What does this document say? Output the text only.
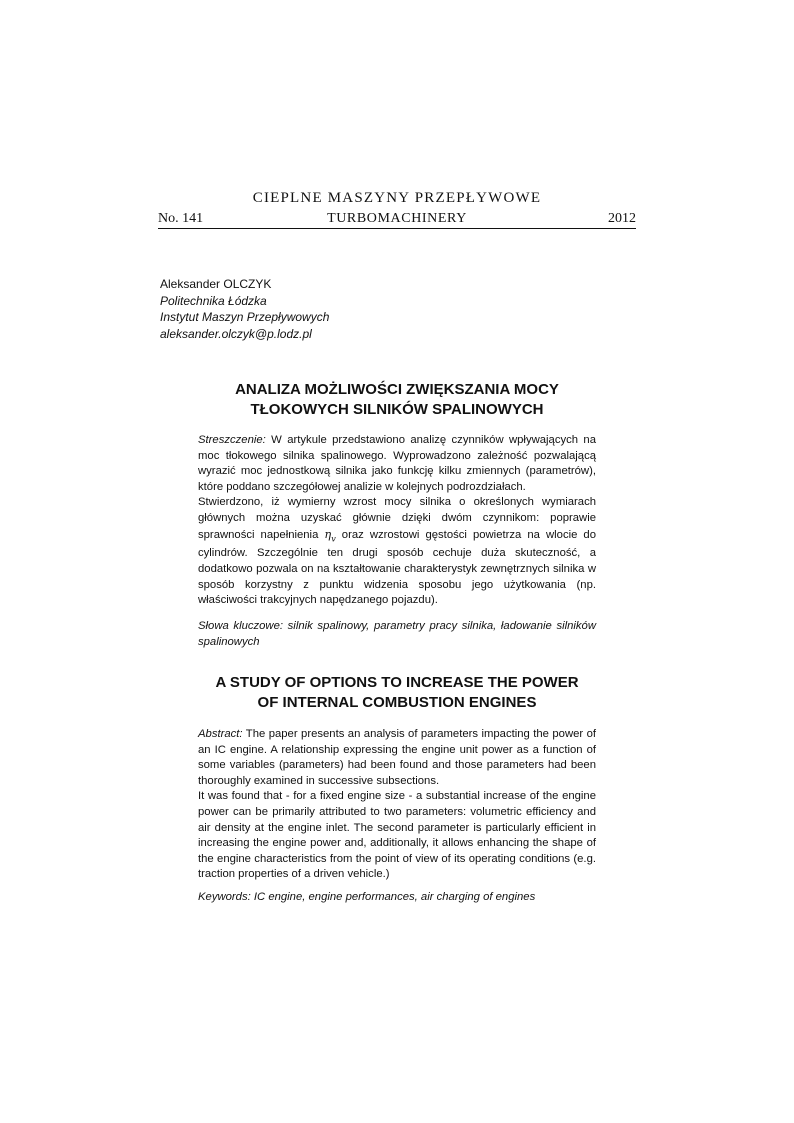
CIEPLNE MASZYNY PRZEPŁYWOWE
No. 141	TURBOMACHINERY	2012
Aleksander OLCZYK
Politechnika Łódzka
Instytut Maszyn Przepływowych
aleksander.olczyk@p.lodz.pl
ANALIZA MOŻLIWOŚCI ZWIĘKSZANIA MOCY
TŁOKOWYCH SILNIKÓW SPALINOWYCH

Streszczenie: W artykule przedstawiono analizę czynników wpływających na moc tłokowego silnika spalinowego. Wyprowadzono zależność pozwalającą wyrazić moc jednostkową silnika jako funkcję kilku zmiennych (parametrów), które poddano szczegółowej analizie w kolejnych podrozdziałach.

Stwierdzono, iż wymierny wzrost mocy silnika o określonych wymiarach głównych można uzyskać głównie dzięki dwóm czynnikom: poprawie sprawności napełnienia $\eta_v$ oraz wzrostowi gęstości powietrza na wlocie do cylindrów. Szczególnie ten drugi sposób cechuje duża skuteczność, a dodatkowo pozwala on na kształtowanie charakterystyk zewnętrznych silnika w sposób korzystny z punktu widzenia sposobu jego użytkowania (np. właściwości trakcyjnych napędzanego pojazdu).

Słowa kluczowe: silnik spalinowy, parametry pracy silnika, ładowanie silników spalinowych
A STUDY OF OPTIONS TO INCREASE THE POWER
OF INTERNAL COMBUSTION ENGINES

Abstract: The paper presents an analysis of parameters impacting the power of an IC engine. A relationship expressing the engine unit power as a function of some variables (parameters) had been found and those parameters had been thoroughly examined in successive subsections.

It was found that - for a fixed engine size - a substantial increase of the engine power can be primarily attributed to two parameters: volumetric efficiency and air density at the engine inlet. The second parameter is particularly efficient in increasing the engine power and, additionally, it allows enhancing the shape of the engine characteristics from the point of view of its operating conditions (e.g. traction properties of a driven vehicle.)

Keywords: IC engine, engine performances, air charging of engines
